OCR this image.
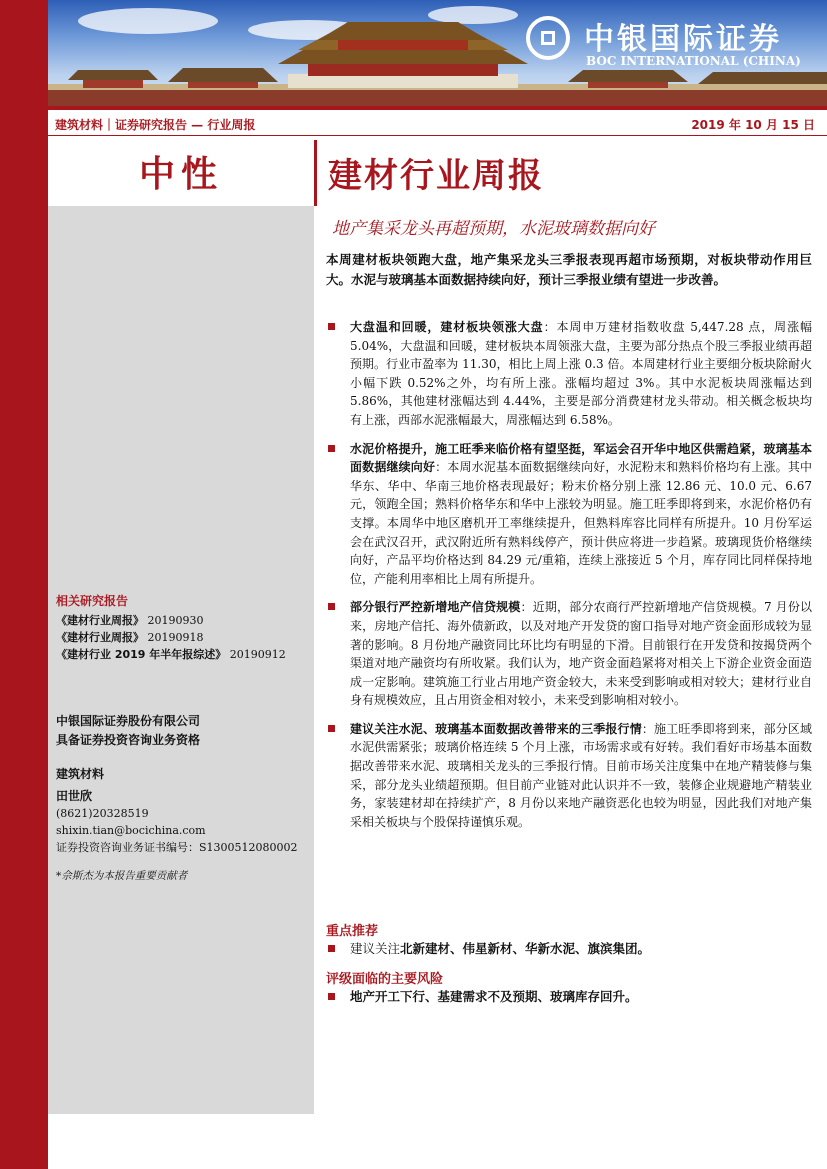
中银国际证券
BOC INTERNATIONAL (CHINA)
建筑材料｜证券研究报告 — 行业周报	2019 年 10 月 15 日
中性	建材行业周报
地产集采龙头再超预期，水泥玻璃数据向好
本周建材板块领跑大盘，地产集采龙头三季报表现再超市场预期，对板块带动作用巨大。水泥与玻璃基本面数据持续向好，预计三季报业绩有望进一步改善。
大盘温和回暖，建材板块领涨大盘：本周申万建材指数收盘 5,447.28 点，周涨幅 5.04%，大盘温和回暖，建材板块本周领涨大盘，主要为部分热点个股三季报业绩再超预期。行业市盈率为 11.30，相比上周上涨 0.3 倍。本周建材行业主要细分板块除耐火小幅下跌 0.52%之外，均有所上涨。涨幅均超过 3%。其中水泥板块周涨幅达到 5.86%，其他建材涨幅达到 4.44%，主要是部分消费建材龙头带动。相关概念板块均有上涨，西部水泥涨幅最大，周涨幅达到 6.58%。
水泥价格提升，施工旺季来临价格有望坚挺，军运会召开华中地区供需趋紧，玻璃基本面数据继续向好：本周水泥基本面数据继续向好，水泥粉末和熟料价格均有上涨。其中华东、华中、华南三地价格表现最好；粉末价格分别上涨 12.86 元、10.0 元、6.67 元，领跑全国；熟料价格华东和华中上涨较为明显。施工旺季即将到来，水泥价格仍有支撑。本周华中地区磨机开工率继续提升，但熟料库容比同样有所提升。10 月份军运会在武汉召开，武汉附近所有熟料线停产，预计供应将进一步趋紧。玻璃现货价格继续向好，产品平均价格达到 84.29 元/重箱，连续上涨接近 5 个月，库存同比同样保持地位，产能利用率相比上周有所提升。
部分银行严控新增地产信贷规模：近期，部分农商行严控新增地产信贷规模。7 月份以来，房地产信托、海外债新政，以及对地产开发贷的窗口指导对地产资金面形成较为显著的影响。8 月份地产融资同比环比均有明显的下滑。目前银行在开发贷和按揭贷两个渠道对地产融资均有所收紧。我们认为，地产资金面趋紧将对相关上下游企业资金面造成一定影响。建筑施工行业占用地产资金较大，未来受到影响或相对较大；建材行业自身有规模效应，且占用资金相对较小，未来受到影响相对较小。
建议关注水泥、玻璃基本面数据改善带来的三季报行情：施工旺季即将到来，部分区域水泥供需紧张；玻璃价格连续 5 个月上涨，市场需求或有好转。我们看好市场基本面数据改善带来水泥、玻璃相关龙头的三季报行情。目前市场关注度集中在地产精装修与集采，部分龙头业绩超预期。但目前产业链对此认识并不一致，装修企业规避地产精装业务，家装建材却在持续扩产，8 月份以来地产融资恶化也较为明显，因此我们对地产集采相关板块与个股保持谨慎乐观。
重点推荐
建议关注北新建材、伟星新材、华新水泥、旗滨集团。
评级面临的主要风险
地产开工下行、基建需求不及预期、玻璃库存回升。
相关研究报告
《建材行业周报》 20190930
《建材行业周报》 20190918
《建材行业 2019 年半年报综述》 20190912
中银国际证券股份有限公司
具备证券投资咨询业务资格
建筑材料
田世欣
(8621)20328519
shixin.tian@bocichina.com
证券投资咨询业务证书编号：S1300512080002
*佘斯杰为本报告重要贡献者
